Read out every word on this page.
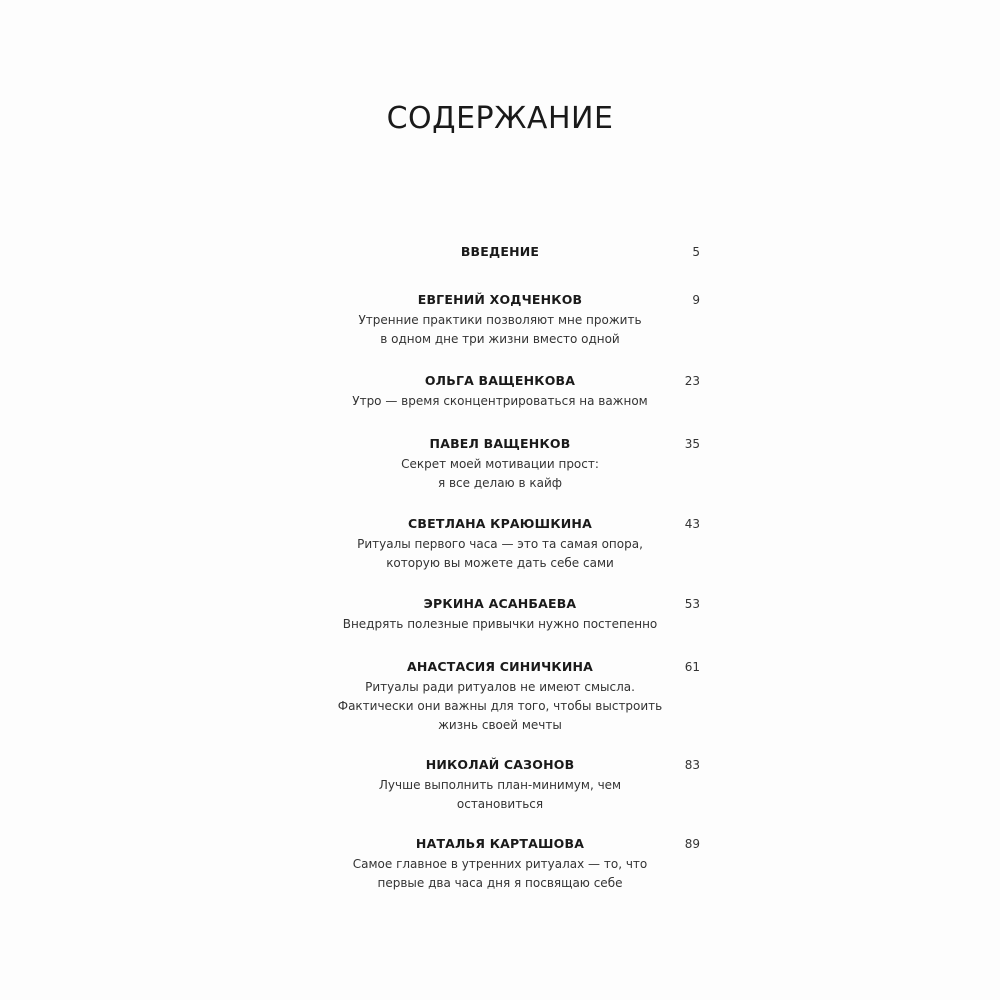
СОДЕРЖАНИЕ
ВВЕДЕНИЕ	5
ЕВГЕНИЙ ХОДЧЕНКОВ	9
Утренние практики позволяют мне прожить
в одном дне три жизни вместо одной
ОЛЬГА ВАЩЕНКОВА	23
Утро — время сконцентрироваться на важном
ПАВЕЛ ВАЩЕНКОВ	35
Секрет моей мотивации прост:
я все делаю в кайф
СВЕТЛАНА КРАЮШКИНА	43
Ритуалы первого часа — это та самая опора,
которую вы можете дать себе сами
ЭРКИНА АСАНБАЕВА	53
Внедрять полезные привычки нужно постепенно
АНАСТАСИЯ СИНИЧКИНА	61
Ритуалы ради ритуалов не имеют смысла.
Фактически они важны для того, чтобы выстроить
жизнь своей мечты
НИКОЛАЙ САЗОНОВ	83
Лучше выполнить план-минимум, чем
остановиться
НАТАЛЬЯ КАРТАШОВА	89
Самое главное в утренних ритуалах — то, что
первые два часа дня я посвящаю себе
